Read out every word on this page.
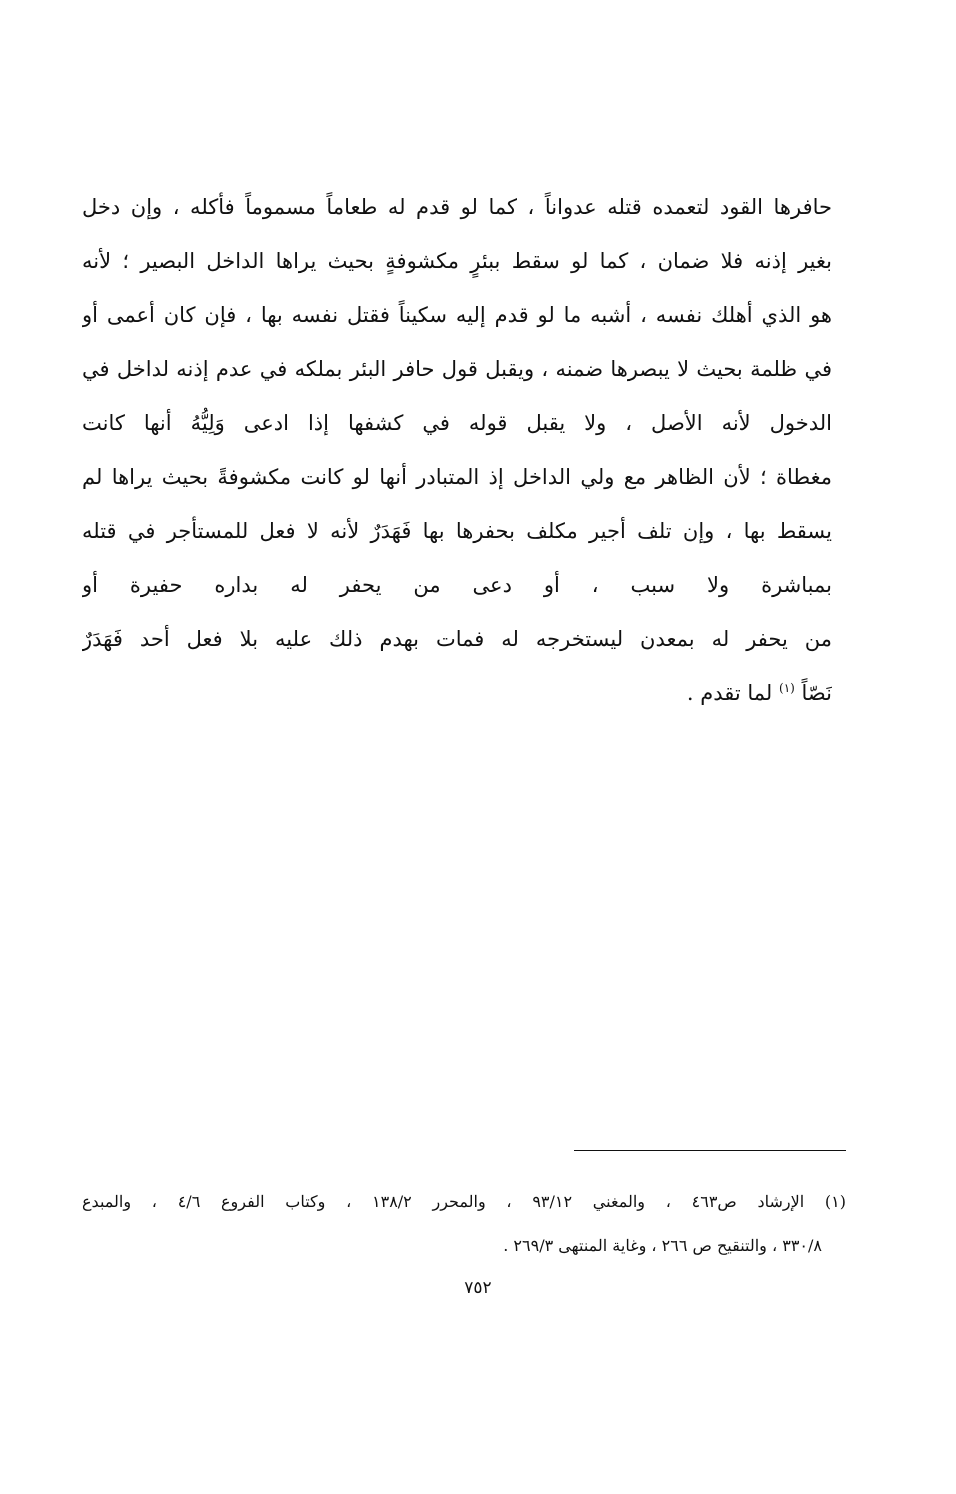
حافرها القود لتعمده قتله عدواناً ، كما لو قدم له طعاماً مسموماً فأكله ، وإن دخل
بغير إذنه فلا ضمان ، كما لو سقط ببئرٍ مكشوفةٍ بحيث يراها الداخل البصير ؛ لأنه
هو الذي أهلك نفسه ، أشبه ما لو قدم إليه سكيناً فقتل نفسه بها ، فإن كان أعمى أو
في ظلمة بحيث لا يبصرها ضمنه ، ويقبل قول حافر البئر بملكه في عدم إذنه لداخل في
الدخول لأنه الأصل ، ولا يقبل قوله في كشفها إذا ادعى وَلِيُّهُ أنها كانت
مغطاة ؛ لأن الظاهر مع ولي الداخل إذ المتبادر أنها لو كانت مكشوفةً بحيث يراها لم
يسقط بها ، وإن تلف أجير مكلف بحفرها بها فَهَدَرٌ لأنه لا فعل للمستأجر في قتله
بمباشرة ولا سبب ، أو دعى من يحفر له بداره حفيرة أو
من يحفر له بمعدن ليستخرجه له فمات بهدم ذلك عليه بلا فعل أحد فَهَدَرٌ
نَصّاً $^{(١)}$ لما تقدم .
(١) الإرشاد ص٤٦٣ ، والمغني ٩٣/١٢ ، والمحرر ١٣٨/٢ ، وكتاب الفروع ٤/٦ ، والمبدع
٣٣٠/٨ ، والتنقيح ص ٢٦٦ ، وغاية المنتهى ٢٦٩/٣ .
٧٥٢
